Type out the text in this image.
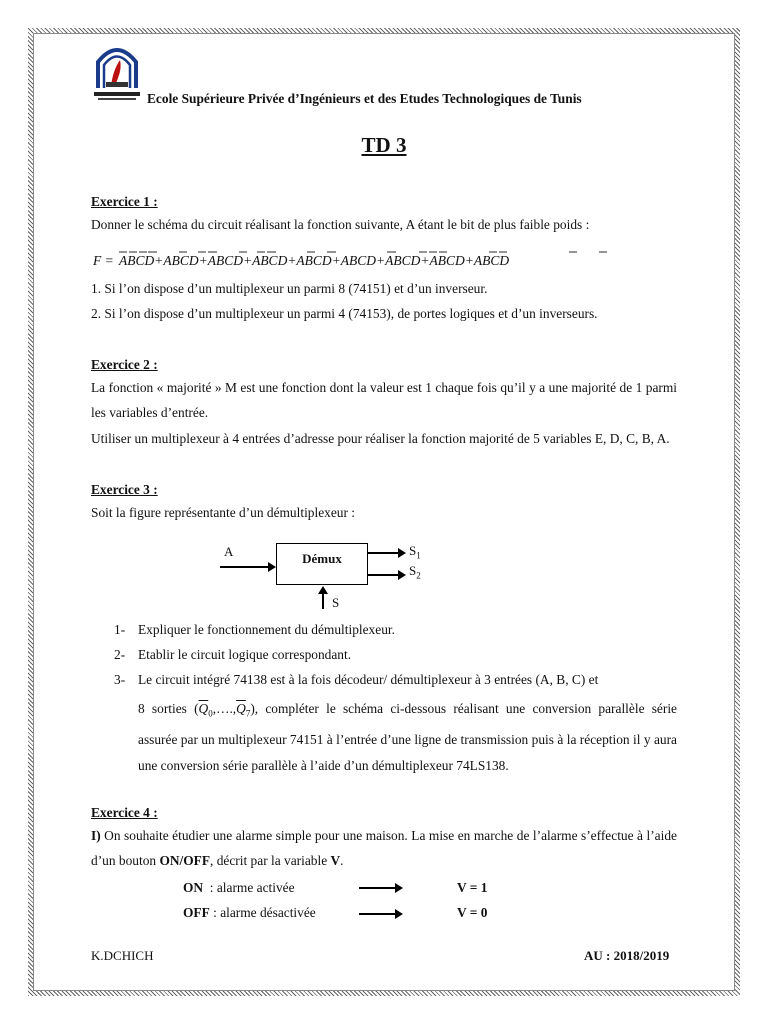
Ecole Supérieure Privée d’Ingénieurs et des Etudes Technologiques de Tunis
TD 3
Exercice 1 :
Donner le schéma du circuit réalisant la fonction suivante, A étant le bit de plus faible poids :
F = ABCD+ABCD+ABCD+ABCD+ABCD+ABCD+ABCD+ABCD+ABCD
1. Si l’on dispose d’un multiplexeur un parmi 8 (74151) et d’un inverseur.
2. Si l’on dispose d’un multiplexeur un parmi 4 (74153), de portes logiques et d’un inverseurs.
Exercice 2 :
La fonction « majorité » M est une fonction dont la valeur est 1 chaque fois qu’il y a une majorité de 1 parmi les variables d’entrée.
Utiliser un multiplexeur à 4 entrées d’adresse pour réaliser la fonction majorité de 5 variables E, D, C, B, A.
Exercice 3 :
Soit la figure représentante d’un démultiplexeur :
A	Démux
$S_1$
$S_2$
S
1- Expliquer le fonctionnement du démultiplexeur.
2- Etablir le circuit logique correspondant.
3- Le circuit intégré 74138 est à la fois décodeur/ démultiplexeur à 3 entrées (A, B, C) et
8 sorties $(\overline{Q}_0,\dots.,\overline{Q}_7)$, compléter le schéma ci-dessous réalisant une conversion parallèle série assurée par un multiplexeur 74151 à l’entrée d’une ligne de transmission puis à la réception il y aura une conversion série parallèle à l’aide d’un démultiplexeur 74LS138.
Exercice 4 :
I) On souhaite étudier une alarme simple pour une maison. La mise en marche de l’alarme s’effectue à l’aide d’un bouton ON/OFF, décrit par la variable V.
ON  : alarme activée	V = 1
OFF : alarme désactivée	V = 0
K.DCHICH	AU : 2018/2019
